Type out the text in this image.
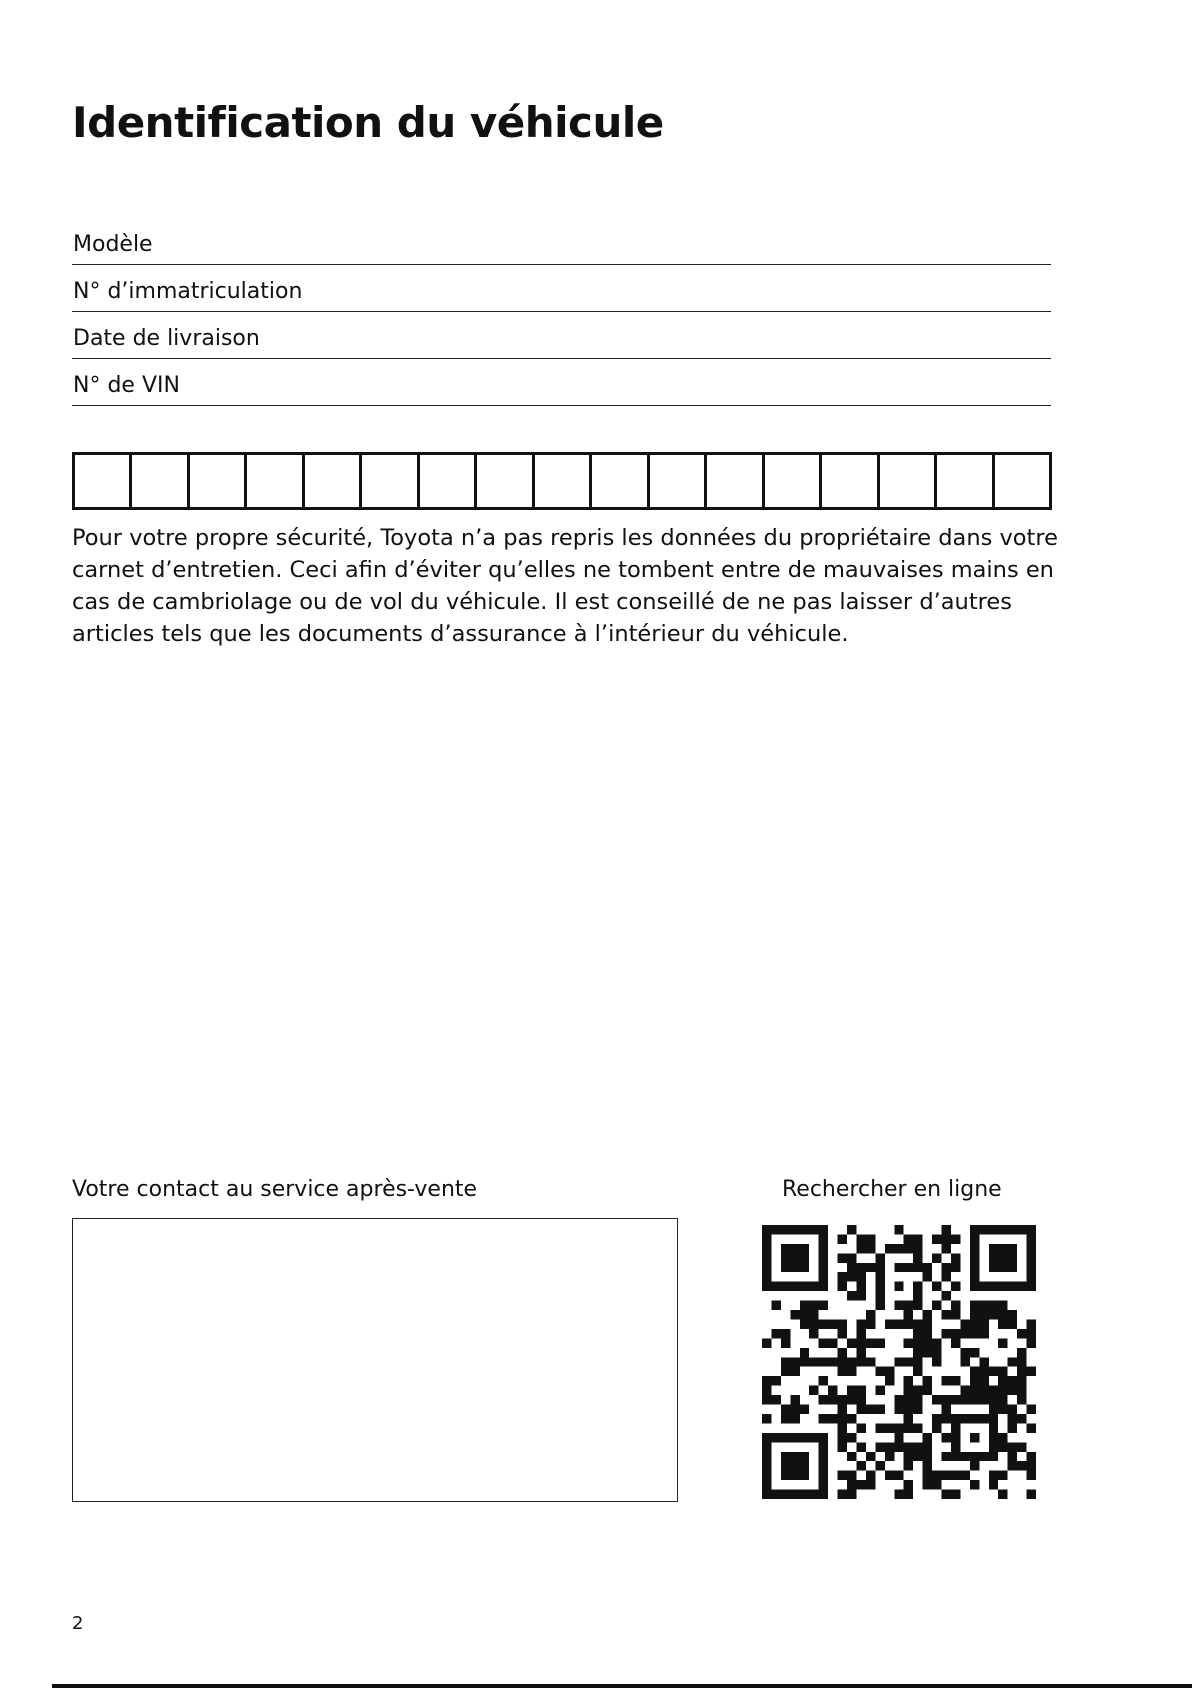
Identification du véhicule
Modèle
N° d’immatriculation
Date de livraison
N° de VIN

Pour votre propre sécurité, Toyota n’a pas repris les données du propriétaire dans votre carnet d’entretien. Ceci afin d’éviter qu’elles ne tombent entre de mauvaises mains en cas de cambriolage ou de vol du véhicule. Il est conseillé de ne pas laisser d’autres articles tels que les documents d’assurance à l’intérieur du véhicule.

Votre contact au service après-vente	Rechercher en ligne
2
